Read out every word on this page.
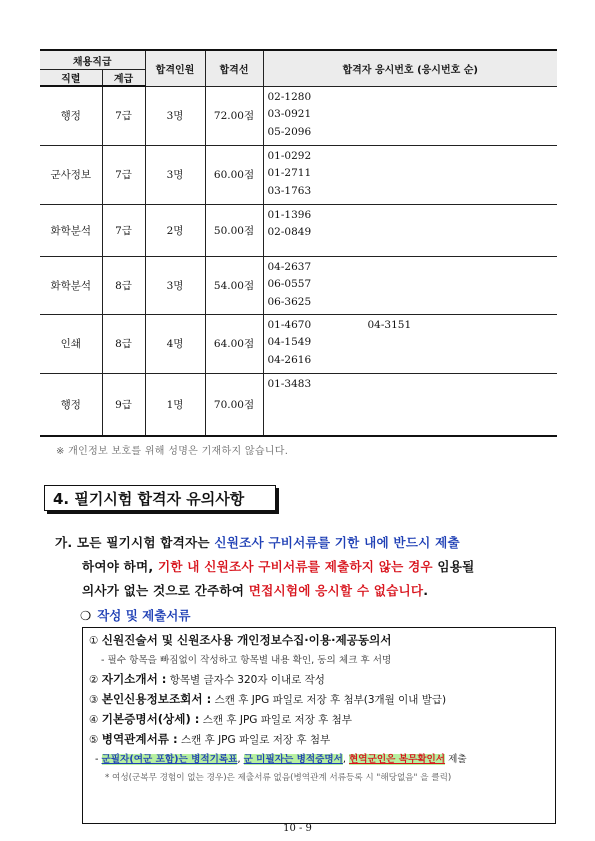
채용직급		합격인원	합격선	합격자 응시번호 (응시번호 순)
직렬	계급			
행정	7급	3명	72.00점	02-1280
03-0921
05-2096

군사정보	7급	3명	60.00점	01-0292
01-2711
03-1763

화학분석	7급	2명	50.00점	01-1396
02-0849

화학분석	8급	3명	54.00점	04-2637
06-0557
06-3625

인쇄	8급	4명	64.00점	01-4670 04-3151
04-1549
04-2616

행정	9급	1명	70.00점	01-3483
※ 개인정보 보호를 위해 성명은 기재하지 않습니다.
4. 필기시험 합격자 유의사항
가. 모든 필기시험 합격자는 신원조사 구비서류를 기한 내에 반드시 제출
하여야 하며, 기한 내 신원조사 구비서류를 제출하지 않는 경우 임용될
의사가 없는 것으로 간주하여 면접시험에 응시할 수 없습니다.
❍ 작성 및 제출서류
① 신원진술서 및 신원조사용 개인정보수집·이용·제공동의서
- 필수 항목을 빠짐없이 작성하고 항목별 내용 확인, 동의 체크 후 서명
② 자기소개서 : 항목별 글자수 320자 이내로 작성
③ 본인신용정보조회서 : 스캔 후 JPG 파일로 저장 후 첨부(3개월 이내 발급)
④ 기본증명서(상세) : 스캔 후 JPG 파일로 저장 후 첨부
⑤ 병역관계서류 : 스캔 후 JPG 파일로 저장 후 첨부
- 군필자(여군 포함)는 병적기록표, 군 미필자는 병적증명서, 현역군인은 복무확인서 제출
* 여성(군복무 경험이 없는 경우)은 제출서류 없음(병역관계 서류등록 시 "해당없음" 을 클릭)
10 - 9
